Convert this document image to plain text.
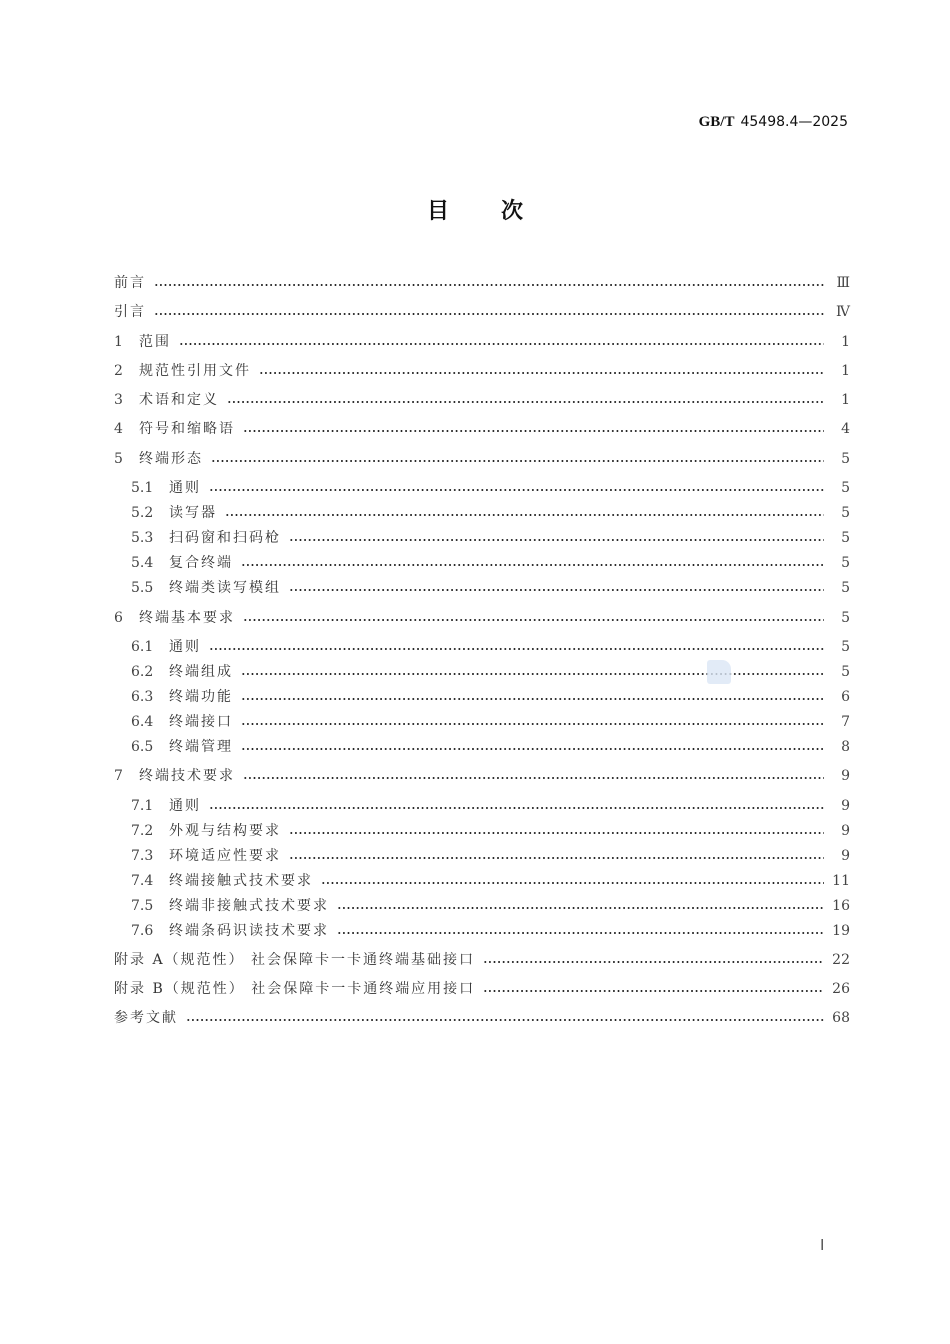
GB/T 45498.4—2025
目 次
前言	Ⅲ
引言	Ⅳ
1	范围	1
2	规范性引用文件	1
3	术语和定义	1
4	符号和缩略语	4
5	终端形态	5
5.1	通则	5
5.2	读写器	5
5.3	扫码窗和扫码枪	5
5.4	复合终端	5
5.5	终端类读写模组	5
6	终端基本要求	5
6.1	通则	5
6.2	终端组成	5
6.3	终端功能	6
6.4	终端接口	7
6.5	终端管理	8
7	终端技术要求	9
7.1	通则	9
7.2	外观与结构要求	9
7.3	环境适应性要求	9
7.4	终端接触式技术要求	11
7.5	终端非接触式技术要求	16
7.6	终端条码识读技术要求	19
附录 A（规范性） 社会保障卡一卡通终端基础接口	22
附录 B（规范性） 社会保障卡一卡通终端应用接口	26
参考文献	68
Ⅰ
